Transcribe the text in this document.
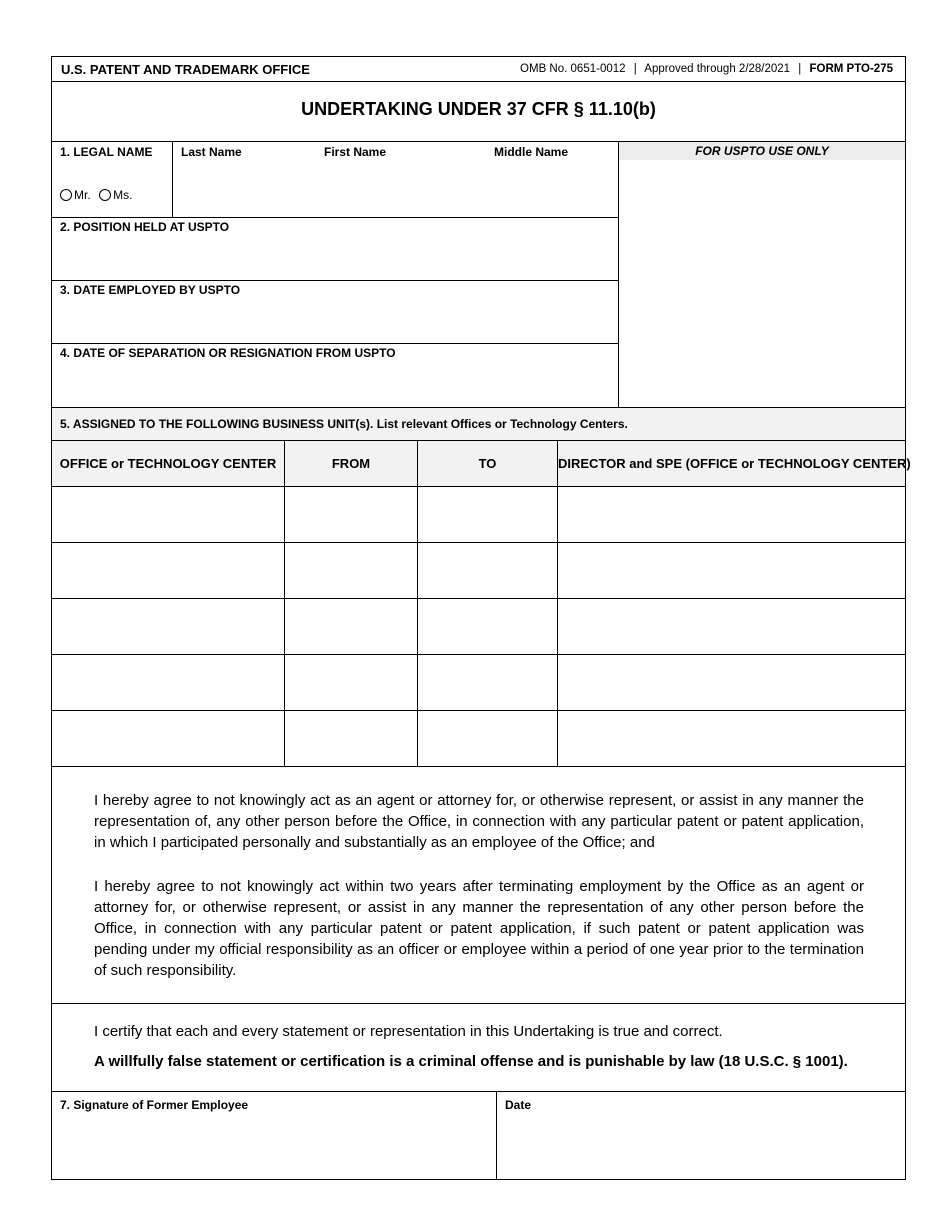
U.S. PATENT AND TRADEMARK OFFICE	OMB No. 0651-0012 | Approved through 2/28/2021 | FORM PTO-275
UNDERTAKING UNDER 37 CFR § 11.10(b)
1. LEGAL NAME Last Name	First Name	Middle Name
Mr.
Ms.
FOR USPTO USE ONLY
2. POSITION HELD AT USPTO
3. DATE EMPLOYED BY USPTO
4. DATE OF SEPARATION OR RESIGNATION FROM USPTO
5. ASSIGNED TO THE FOLLOWING BUSINESS UNIT(s). List relevant Offices or Technology Centers.
OFFICE or TECHNOLOGY CENTER	FROM	TO	DIRECTOR and SPE (OFFICE or TECHNOLOGY CENTER)
I hereby agree to not knowingly act as an agent or attorney for, or otherwise represent, or assist in any manner the representation of, any other person before the Office, in connection with any particular patent or patent application, in which I participated personally and substantially as an employee of the Office; and
I hereby agree to not knowingly act within two years after terminating employment by the Office as an agent or attorney for, or otherwise represent, or assist in any manner the representation of any other person before the Office, in connection with any particular patent or patent application, if such patent or patent application was pending under my official responsibility as an officer or employee within a period of one year prior to the termination of such responsibility.
I certify that each and every statement or representation in this Undertaking is true and correct.
A willfully false statement or certification is a criminal offense and is punishable by law (18 U.S.C. § 1001).
7. Signature of Former Employee	Date
